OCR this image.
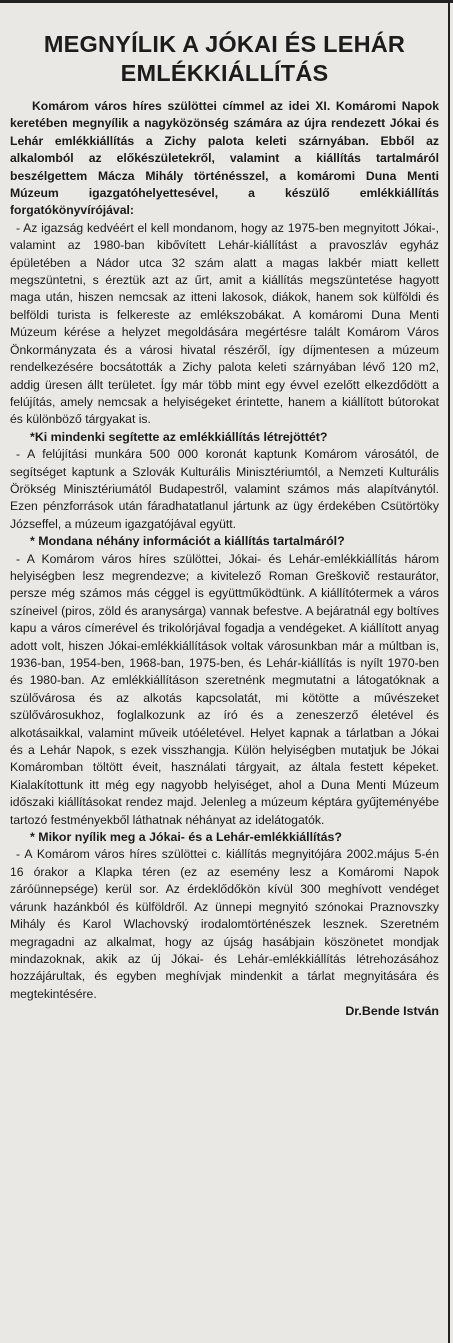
MEGNYÍLIK A JÓKAI ÉS LEHÁR
EMLÉKKIÁLLÍTÁS

Komárom város híres szülöttei címmel az idei XI. Komáromi Napok keretében megnyílik a nagyközönség számára az újra rendezett Jókai és Lehár emlékkiállítás a Zichy palota keleti szárnyában. Ebből az alkalomból az előkészületekről, valamint a kiállítás tartalmáról beszélgettem Mácza Mihály történésszel, a komáromi Duna Menti Múzeum igazgatóhelyettesével, a készülő emlékkiállítás forgatókönyvírójával:

- Az igazság kedvéért el kell mondanom, hogy az 1975-ben megnyitott Jókai-, valamint az 1980-ban kibővített Lehár-kiállítást a pravoszláv egyház épületében a Nádor utca 32 szám alatt a magas lakbér miatt kellett megszüntetni, s éreztük azt az űrt, amit a kiállítás megszüntetése hagyott maga után, hiszen nemcsak az itteni lakosok, diákok, hanem sok külföldi és belföldi turista is felkereste az emlékszobákat. A komáromi Duna Menti Múzeum kérése a helyzet megoldására megértésre talált Komárom Város Önkormányzata és a városi hivatal részéről, így díjmentesen a múzeum rendelkezésére bocsátották a Zichy palota keleti szárnyában lévő 120 m2, addig üresen állt területet. Így már több mint egy évvel ezelőtt elkezdődött a felújítás, amely nemcsak a helyiségeket érintette, hanem a kiállított bútorokat és különböző tárgyakat is.

*Ki mindenki segítette az emlékkiállítás létrejöttét?

- A felújítási munkára 500 000 koronát kaptunk Komárom városától, de segítséget kaptunk a Szlovák Kulturális Minisztériumtól, a Nemzeti Kulturális Örökség Minisztériumától Budapestről, valamint számos más alapítványtól. Ezen pénzforrások után fáradhatatlanul jártunk az ügy érdekében Csütörtöky Józseffel, a múzeum igazgatójával együtt.

* Mondana néhány információt a kiállítás tartalmáról?

- A Komárom város híres szülöttei, Jókai- és Lehár-emlékkiállítás három helyiségben lesz megrendezve; a kivitelező Roman Greškovič restaurátor, persze még számos más céggel is együttműködtünk. A kiállítótermek a város színeivel (piros, zöld és aranysárga) vannak befestve. A bejáratnál egy boltíves kapu a város címerével és trikolórjával fogadja a vendégeket. A kiállított anyag adott volt, hiszen Jókai-emlékkiállítások voltak városunkban már a múltban is, 1936-ban, 1954-ben, 1968-ban, 1975-ben, és Lehár-kiállítás is nyílt 1970-ben és 1980-ban. Az emlékkiállításon szeretnénk megmutatni a látogatóknak a szülővárosa és az alkotás kapcsolatát, mi kötötte a művészeket szülővárosukhoz, foglalkozunk az író és a zeneszerző életével és alkotásaikkal, valamint műveik utóéletével. Helyet kapnak a tárlatban a Jókai és a Lehár Napok, s ezek visszhangja. Külön helyiségben mutatjuk be Jókai Komáromban töltött éveit, használati tárgyait, az általa festett képeket. Kialakítottunk itt még egy nagyobb helyiséget, ahol a Duna Menti Múzeum időszaki kiállításokat rendez majd. Jelenleg a múzeum képtára gyűjteményébe tartozó festményekből láthatnak néhányat az idelátogatók.

* Mikor nyílik meg a Jókai- és a Lehár-emlékkiállítás?

- A Komárom város híres szülöttei c. kiállítás megnyitójára 2002.május 5-én 16 órakor a Klapka téren (ez az esemény lesz a Komáromi Napok záróünnepsége) kerül sor. Az érdeklődőkön kívül 300 meghívott vendéget várunk hazánkból és külföldről. Az ünnepi megnyitó szónokai Praznovszky Mihály és Karol Wlachovský irodalomtörténészek lesznek. Szeretném megragadni az alkalmat, hogy az újság hasábjain köszönetet mondjak mindazoknak, akik az új Jókai- és Lehár-emlékkiállítás létrehozásához hozzájárultak, és egyben meghívjak mindenkit a tárlat megnyitására és megtekintésére.

Dr.Bende István
